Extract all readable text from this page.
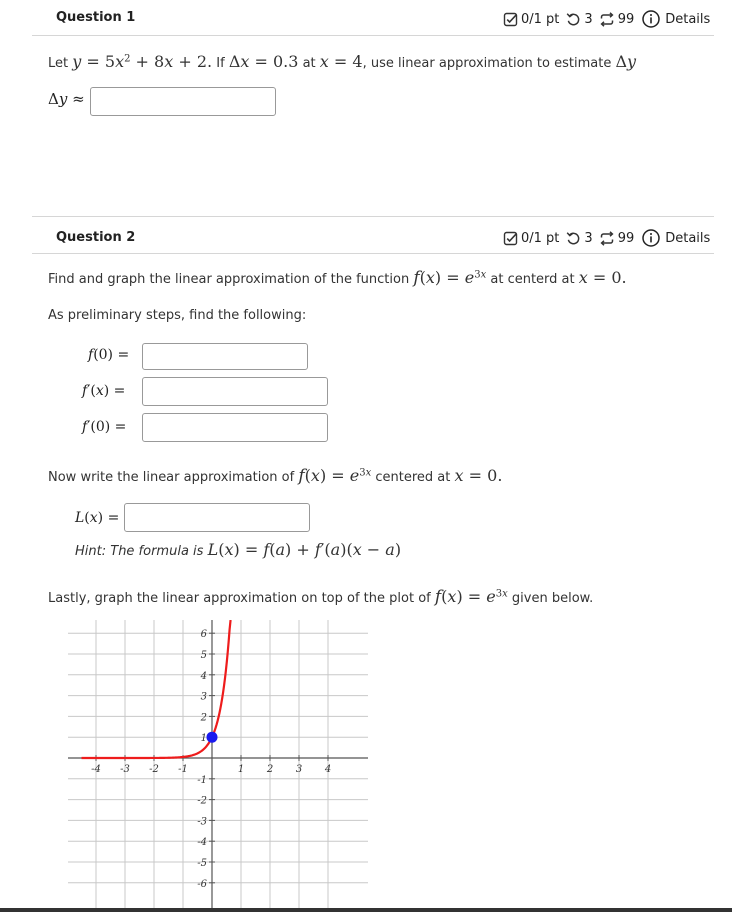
Question 1	0/1 pt 3 99 Details
Let $y = 5x^2 + 8x + 2$. If Δx = 0.3 at x = 4, use linear approximation to estimate Δy
Δy ≈
Question 2	0/1 pt 3 99 Details
Find and graph the linear approximation of the function $f(x) = e^{3x}$ at centerd at x = 0.
As preliminary steps, find the following:
f(0) =
f′(x) =
f′(0) =
Now write the linear approximation of $f(x) = e^{3x}$ centered at x = 0.
L(x) =
Hint: The formula is L(x) = f(a) + f′(a)(x − a)
Lastly, graph the linear approximation on top of the plot of $f(x) = e^{3x}$ given below.
-4 -3 -2 -1	1 2 3 4
-6
-5
-4
-3
-2
-1
1
2
3
4
5
6
